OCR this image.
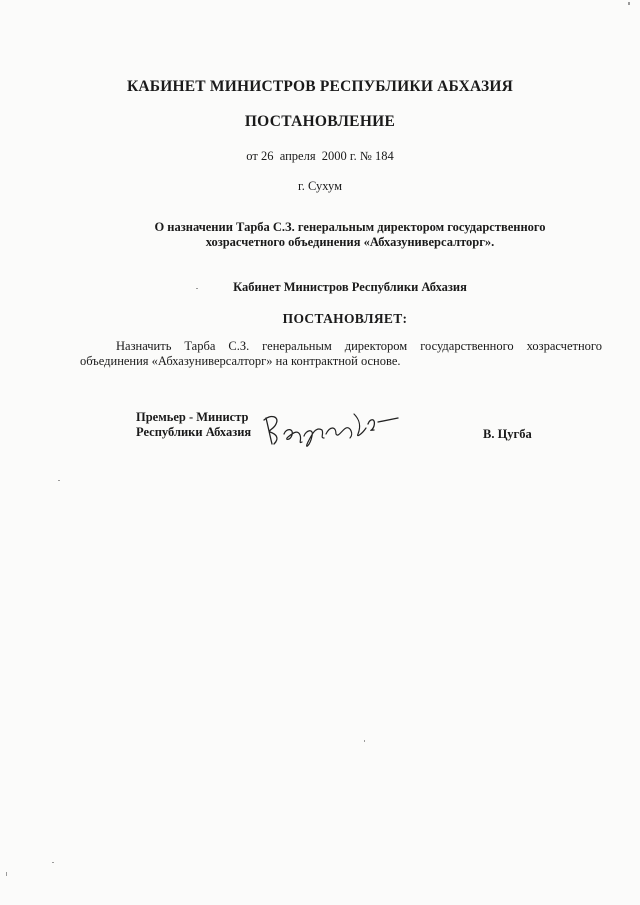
КАБИНЕТ МИНИСТРОВ РЕСПУБЛИКИ АБХАЗИЯ
ПОСТАНОВЛЕНИЕ
от 26  апреля  2000 г. № 184
г. Сухум
О назначении Тарба С.З. генеральным директором государственного
хозрасчетного объединения «Абхазуниверсалторг».
Кабинет Министров Республики Абхазия
ПОСТАНОВЛЯЕТ:
Назначить Тарба С.З. генеральным директором государственного хозрасчетного
объединения «Абхазуниверсалторг» на контрактной основе.
Премьер - Министр
Республики Абхазия	В. Цугба
